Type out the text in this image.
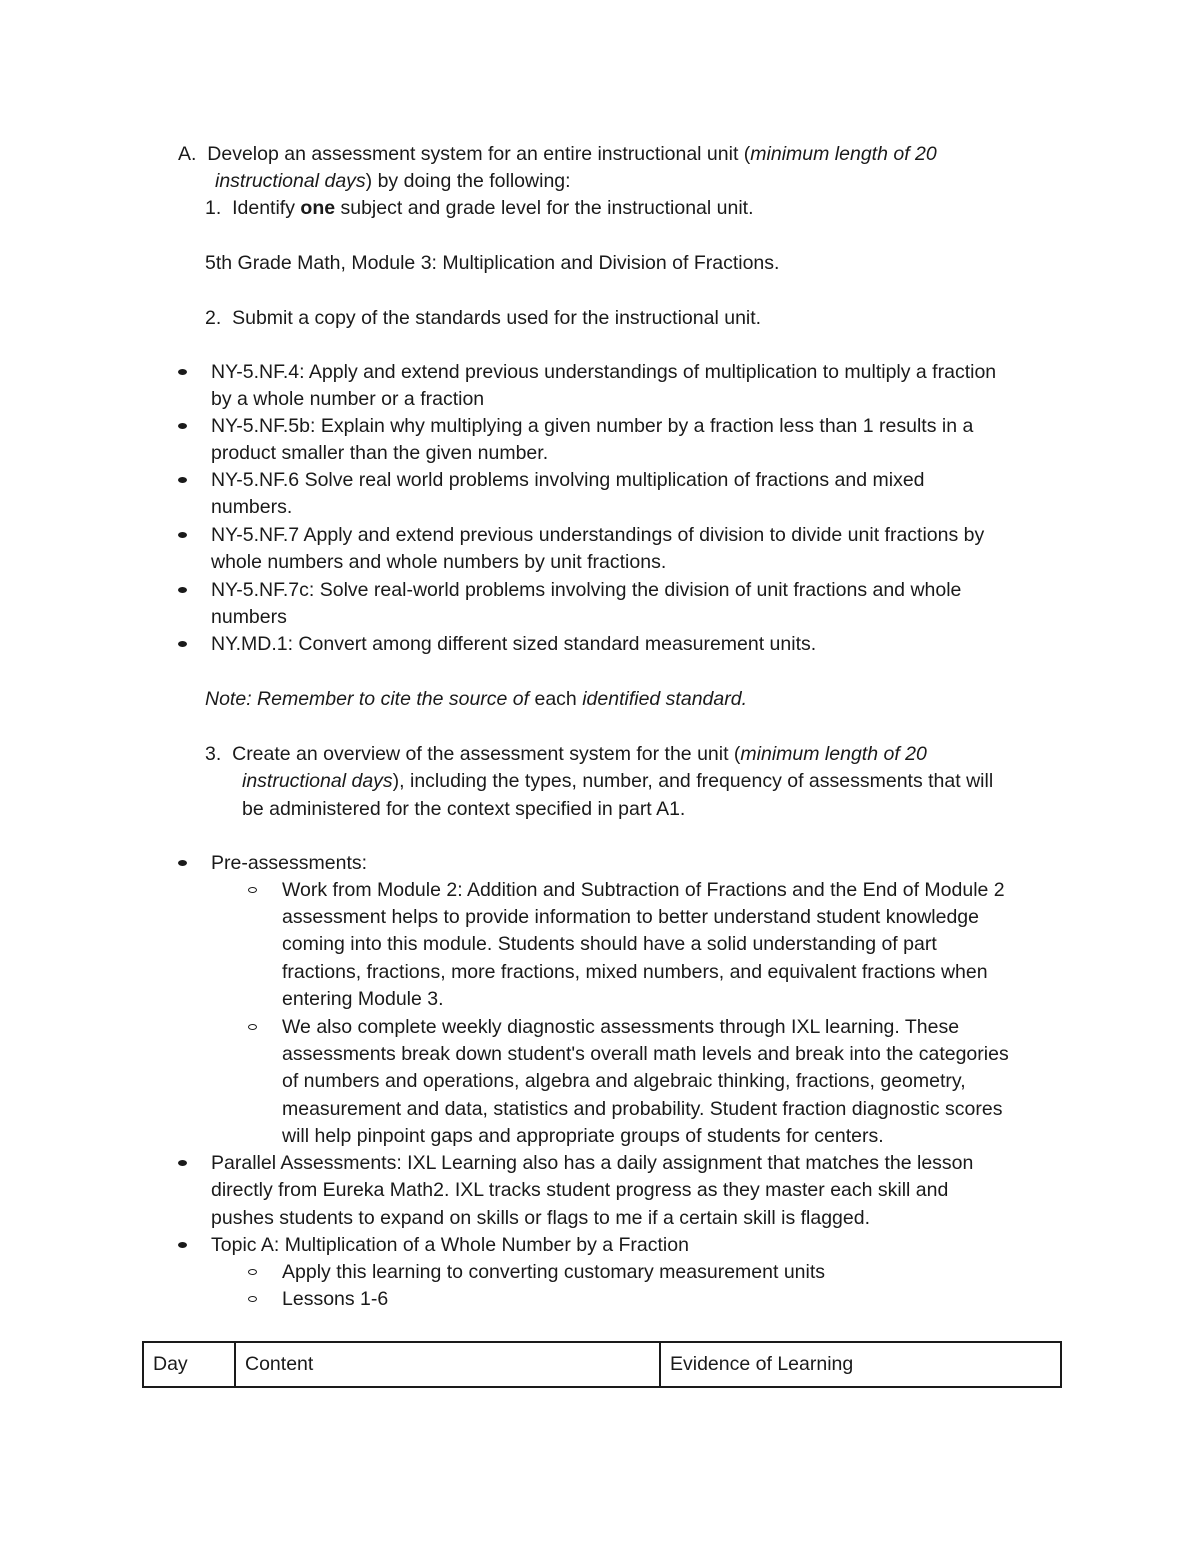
A. Develop an assessment system for an entire instructional unit (minimum length of 20
instructional days) by doing the following:
1. Identify one subject and grade level for the instructional unit.
5th Grade Math, Module 3: Multiplication and Division of Fractions.
2. Submit a copy of the standards used for the instructional unit.
NY-5.NF.4: Apply and extend previous understandings of multiplication to multiply a fraction
by a whole number or a fraction
NY-5.NF.5b: Explain why multiplying a given number by a fraction less than 1 results in a
product smaller than the given number.
NY-5.NF.6 Solve real world problems involving multiplication of fractions and mixed
numbers.
NY-5.NF.7 Apply and extend previous understandings of division to divide unit fractions by
whole numbers and whole numbers by unit fractions.
NY-5.NF.7c: Solve real-world problems involving the division of unit fractions and whole
numbers
NY.MD.1: Convert among different sized standard measurement units.
Note: Remember to cite the source of each identified standard.
3. Create an overview of the assessment system for the unit (minimum length of 20
instructional days), including the types, number, and frequency of assessments that will
be administered for the context specified in part A1.
Pre-assessments:
Work from Module 2: Addition and Subtraction of Fractions and the End of Module 2
assessment helps to provide information to better understand student knowledge
coming into this module. Students should have a solid understanding of part
fractions, fractions, more fractions, mixed numbers, and equivalent fractions when
entering Module 3.
We also complete weekly diagnostic assessments through IXL learning. These
assessments break down student's overall math levels and break into the categories
of numbers and operations, algebra and algebraic thinking, fractions, geometry,
measurement and data, statistics and probability. Student fraction diagnostic scores
will help pinpoint gaps and appropriate groups of students for centers.
Parallel Assessments: IXL Learning also has a daily assignment that matches the lesson
directly from Eureka Math2. IXL tracks student progress as they master each skill and
pushes students to expand on skills or flags to me if a certain skill is flagged.
Topic A: Multiplication of a Whole Number by a Fraction
Apply this learning to converting customary measurement units
Lessons 1-6
Day	Content	Evidence of Learning
